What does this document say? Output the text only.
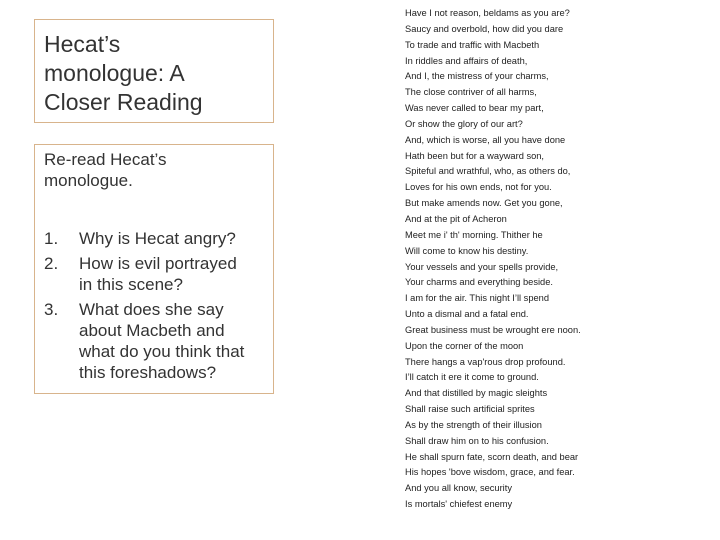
Hecat’s
monologue: A
Closer Reading

Re-read Hecat’s
monologue.

1. Why is Hecat angry?
2. How is evil portrayed
in this scene?
3. What does she say
about Macbeth and
what do you think that
this foreshadows?
Have I not reason, beldams as you are?
Saucy and overbold, how did you dare
To trade and traffic with Macbeth
In riddles and affairs of death,
And I, the mistress of your charms,
The close contriver of all harms,
Was never called to bear my part,
Or show the glory of our art?
And, which is worse, all you have done
Hath been but for a wayward son,
Spiteful and wrathful, who, as others do,
Loves for his own ends, not for you.
But make amends now. Get you gone,
And at the pit of Acheron
Meet me i' th' morning. Thither he
Will come to know his destiny.
Your vessels and your spells provide,
Your charms and everything beside.
I am for the air. This night I’ll spend
Unto a dismal and a fatal end.
Great business must be wrought ere noon.
Upon the corner of the moon
There hangs a vap'rous drop profound.
I’ll catch it ere it come to ground.
And that distilled by magic sleights
Shall raise such artificial sprites
As by the strength of their illusion
Shall draw him on to his confusion.
He shall spurn fate, scorn death, and bear
His hopes 'bove wisdom, grace, and fear.
And you all know, security
Is mortals' chiefest enemy
